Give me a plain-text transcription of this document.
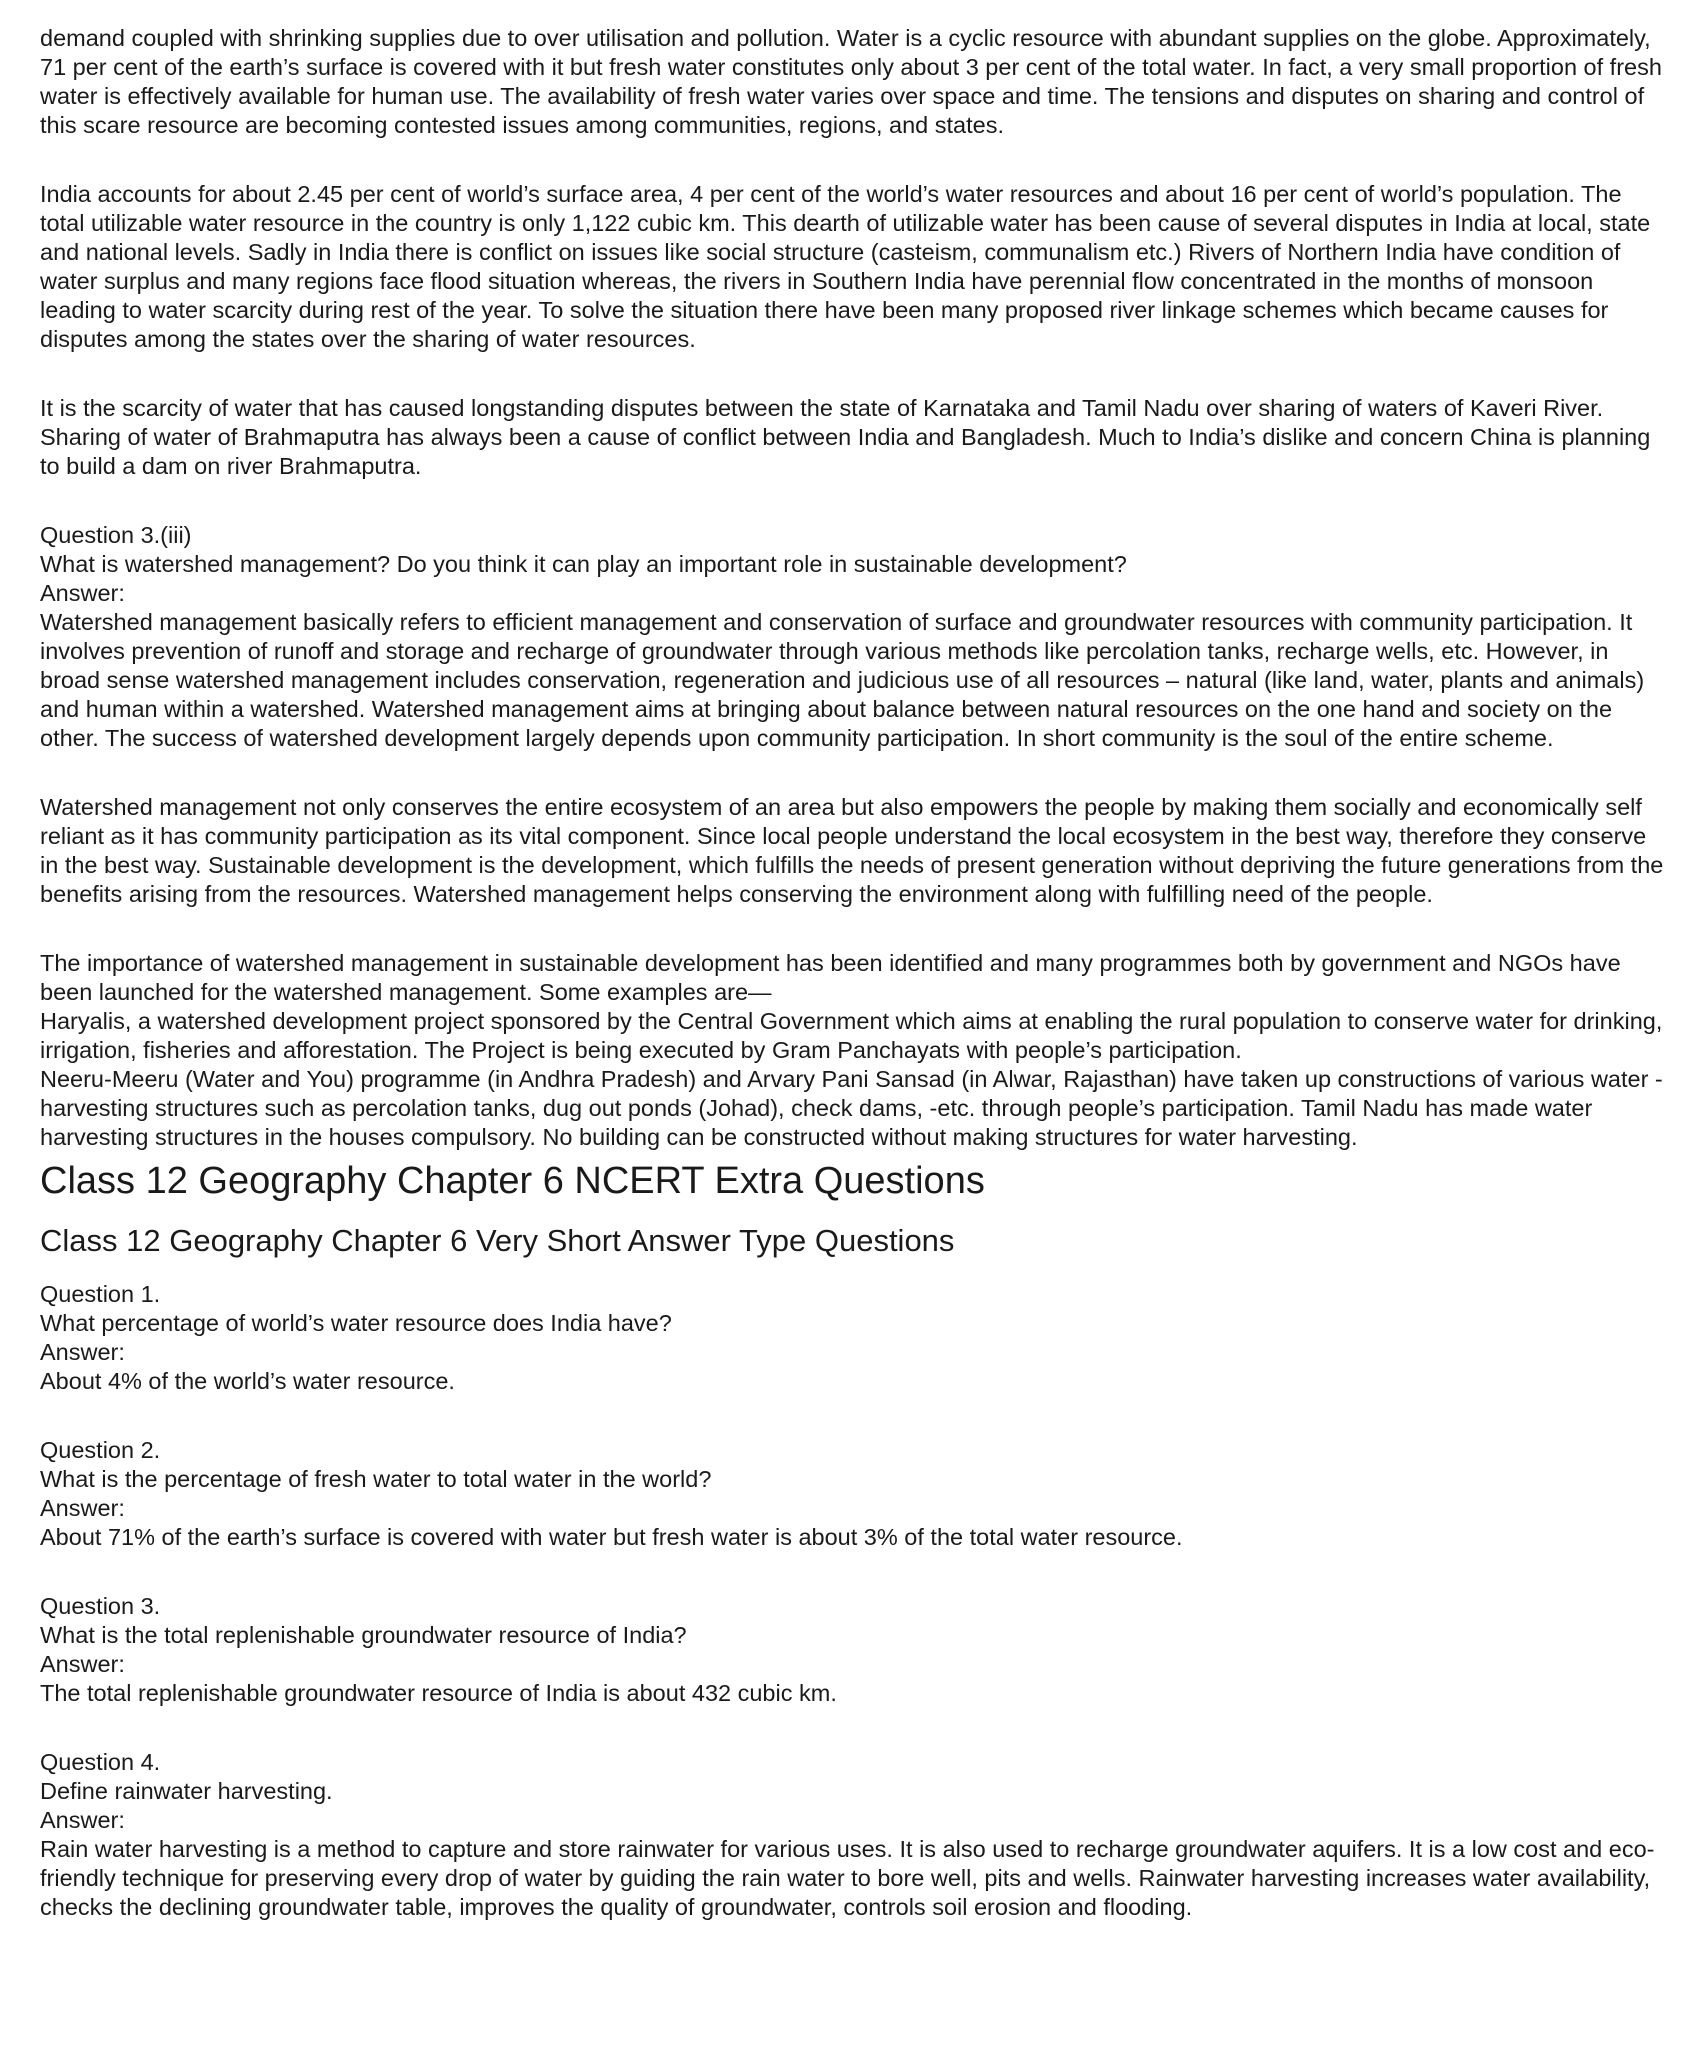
demand coupled with shrinking supplies due to over utilisation and pollution. Water is a cyclic resource with abundant supplies on the globe. Approximately, 71 per cent of the earth’s surface is covered with it but fresh water constitutes only about 3 per cent of the total water. In fact, a very small proportion of fresh water is effectively available for human use. The availability of fresh water varies over space and time. The tensions and disputes on sharing and control of this scare resource are becoming contested issues among communities, regions, and states.

India accounts for about 2.45 per cent of world’s surface area, 4 per cent of the world’s water resources and about 16 per cent of world’s population. The total utilizable water resource in the country is only 1,122 cubic km. This dearth of utilizable water has been cause of several disputes in India at local, state and national levels. Sadly in India there is conflict on issues like social structure (casteism, communalism etc.) Rivers of Northern India have condition of water surplus and many regions face flood situation whereas, the rivers in Southern India have perennial flow concentrated in the months of monsoon leading to water scarcity during rest of the year. To solve the situation there have been many proposed river linkage schemes which became causes for disputes among the states over the sharing of water resources.

It is the scarcity of water that has caused longstanding disputes between the state of Karnataka and Tamil Nadu over sharing of waters of Kaveri River. Sharing of water of Brahmaputra has always been a cause of conflict between India and Bangladesh. Much to India’s dislike and concern China is planning to build a dam on river Brahmaputra.

Question 3.(iii)
What is watershed management? Do you think it can play an important role in sustainable development?
Answer:
Watershed management basically refers to efficient management and conservation of surface and groundwater resources with community participation. It involves prevention of runoff and storage and recharge of groundwater through various methods like percolation tanks, recharge wells, etc. However, in broad sense watershed management includes conservation, regeneration and judicious use of all resources – natural (like land, water, plants and animals) and human within a watershed. Watershed management aims at bringing about balance between natural resources on the one hand and society on the other. The success of watershed development largely depends upon community participation. In short community is the soul of the entire scheme.

Watershed management not only conserves the entire ecosystem of an area but also empowers the people by making them socially and economically self reliant as it has community participation as its vital component. Since local people understand the local ecosystem in the best way, therefore they conserve in the best way. Sustainable development is the development, which fulfills the needs of present generation without depriving the future generations from the benefits arising from the resources. Watershed management helps conserving the environment along with fulfilling need of the people.

The importance of watershed management in sustainable development has been identified and many programmes both by government and NGOs have been launched for the watershed management. Some examples are—
Haryalis, a watershed development project sponsored by the Central Government which aims at enabling the rural population to conserve water for drinking, irrigation, fisheries and afforestation. The Project is being executed by Gram Panchayats with people’s participation.
Neeru-Meeru (Water and You) programme (in Andhra Pradesh) and Arvary Pani Sansad (in Alwar, Rajasthan) have taken up constructions of various water -harvesting structures such as percolation tanks, dug out ponds (Johad), check dams, -etc. through people’s participation. Tamil Nadu has made water harvesting structures in the houses compulsory. No building can be constructed without making structures for water harvesting.

Class 12 Geography Chapter 6 NCERT Extra Questions
Class 12 Geography Chapter 6 Very Short Answer Type Questions

Question 1.
What percentage of world’s water resource does India have?
Answer:
About 4% of the world’s water resource.

Question 2.
What is the percentage of fresh water to total water in the world?
Answer:
About 71% of the earth’s surface is covered with water but fresh water is about 3% of the total water resource.

Question 3.
What is the total replenishable groundwater resource of India?
Answer:
The total replenishable groundwater resource of India is about 432 cubic km.

Question 4.
Define rainwater harvesting.
Answer:
Rain water harvesting is a method to capture and store rainwater for various uses. It is also used to recharge groundwater aquifers. It is a low cost and eco-friendly technique for preserving every drop of water by guiding the rain water to bore well, pits and wells. Rainwater harvesting increases water availability, checks the declining groundwater table, improves the quality of groundwater, controls soil erosion and flooding.
